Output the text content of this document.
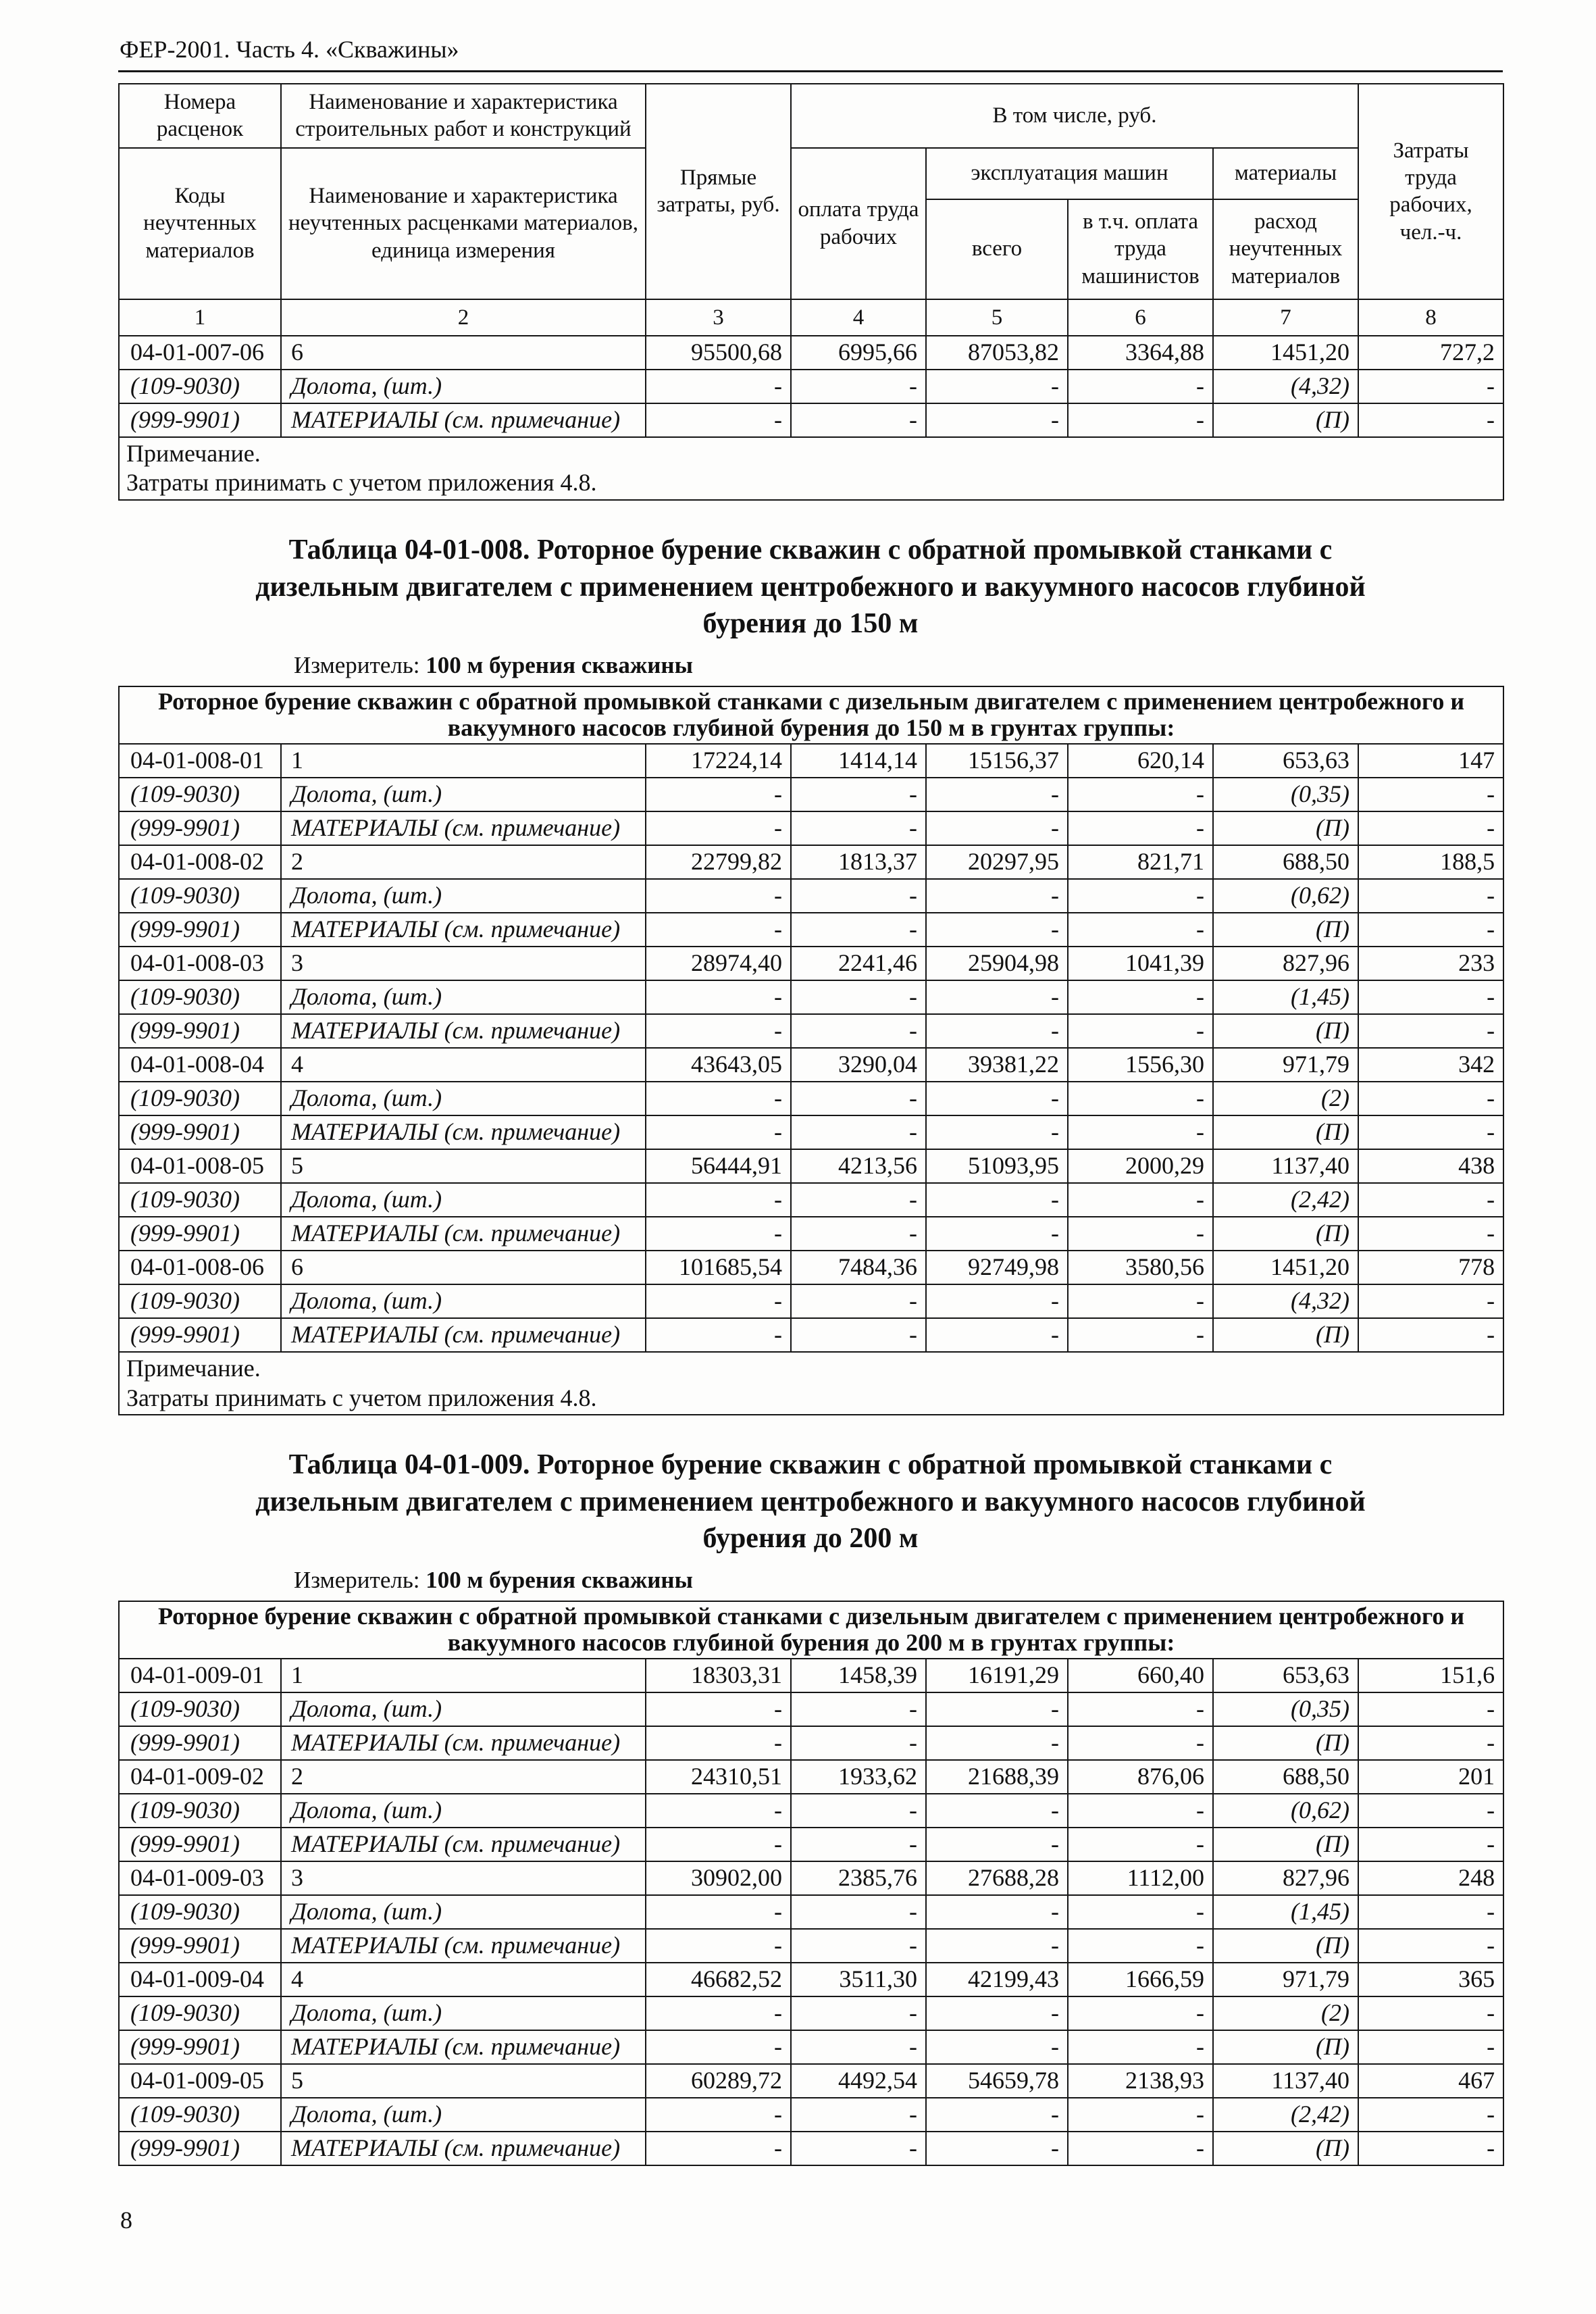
ФЕР-2001. Часть 4. «Скважины»
Номера расценок	Наименование и характеристика строительных работ и конструкций	Прямые затраты, руб.	В том числе, руб.				Затраты труда рабочих, чел.-ч.
Коды неучтенных материалов	Наименование и характеристика неучтенных расценками материалов, единица измерения		оплата труда рабочих	эксплуатация машин		материалы	
				всего	в т.ч. оплата труда машинистов	расход неучтенных материалов	
1	2	3	4	5	6	7	8
04-01-007-06	6	95500,68	6995,66	87053,82	3364,88	1451,20	727,2
(109-9030)	Долота, (шт.)	-	-	-	-	(4,32)	-
(999-9901)	МАТЕРИАЛЫ (см. примечание)	-	-	-	-	(П)	-

Примечание.
Затраты принимать с учетом приложения 4.8.							
Таблица 04-01-008. Роторное бурение скважин с обратной промывкой станками с дизельным двигателем с применением центробежного и вакуумного насосов глубиной бурения до 150 м
Измеритель: 100 м бурения скважины
Роторное бурение скважин с обратной промывкой станками с дизельным двигателем с применением центробежного и вакуумного насосов глубиной бурения до 150 м в грунтах группы:							
04-01-008-01	1	17224,14	1414,14	15156,37	620,14	653,63	147
(109-9030)	Долота, (шт.)	-	-	-	-	(0,35)	-
(999-9901)	МАТЕРИАЛЫ (см. примечание)	-	-	-	-	(П)	-
04-01-008-02	2	22799,82	1813,37	20297,95	821,71	688,50	188,5
(109-9030)	Долота, (шт.)	-	-	-	-	(0,62)	-
(999-9901)	МАТЕРИАЛЫ (см. примечание)	-	-	-	-	(П)	-
04-01-008-03	3	28974,40	2241,46	25904,98	1041,39	827,96	233
(109-9030)	Долота, (шт.)	-	-	-	-	(1,45)	-
(999-9901)	МАТЕРИАЛЫ (см. примечание)	-	-	-	-	(П)	-
04-01-008-04	4	43643,05	3290,04	39381,22	1556,30	971,79	342
(109-9030)	Долота, (шт.)	-	-	-	-	(2)	-
(999-9901)	МАТЕРИАЛЫ (см. примечание)	-	-	-	-	(П)	-
04-01-008-05	5	56444,91	4213,56	51093,95	2000,29	1137,40	438
(109-9030)	Долота, (шт.)	-	-	-	-	(2,42)	-
(999-9901)	МАТЕРИАЛЫ (см. примечание)	-	-	-	-	(П)	-
04-01-008-06	6	101685,54	7484,36	92749,98	3580,56	1451,20	778
(109-9030)	Долота, (шт.)	-	-	-	-	(4,32)	-
(999-9901)	МАТЕРИАЛЫ (см. примечание)	-	-	-	-	(П)	-

Примечание.
Затраты принимать с учетом приложения 4.8.							
Таблица 04-01-009. Роторное бурение скважин с обратной промывкой станками с дизельным двигателем с применением центробежного и вакуумного насосов глубиной бурения до 200 м
Измеритель: 100 м бурения скважины
Роторное бурение скважин с обратной промывкой станками с дизельным двигателем с применением центробежного и вакуумного насосов глубиной бурения до 200 м в грунтах группы:							
04-01-009-01	1	18303,31	1458,39	16191,29	660,40	653,63	151,6
(109-9030)	Долота, (шт.)	-	-	-	-	(0,35)	-
(999-9901)	МАТЕРИАЛЫ (см. примечание)	-	-	-	-	(П)	-
04-01-009-02	2	24310,51	1933,62	21688,39	876,06	688,50	201
(109-9030)	Долота, (шт.)	-	-	-	-	(0,62)	-
(999-9901)	МАТЕРИАЛЫ (см. примечание)	-	-	-	-	(П)	-
04-01-009-03	3	30902,00	2385,76	27688,28	1112,00	827,96	248
(109-9030)	Долота, (шт.)	-	-	-	-	(1,45)	-
(999-9901)	МАТЕРИАЛЫ (см. примечание)	-	-	-	-	(П)	-
04-01-009-04	4	46682,52	3511,30	42199,43	1666,59	971,79	365
(109-9030)	Долота, (шт.)	-	-	-	-	(2)	-
(999-9901)	МАТЕРИАЛЫ (см. примечание)	-	-	-	-	(П)	-
04-01-009-05	5	60289,72	4492,54	54659,78	2138,93	1137,40	467
(109-9030)	Долота, (шт.)	-	-	-	-	(2,42)	-
(999-9901)	МАТЕРИАЛЫ (см. примечание)	-	-	-	-	(П)	-
8
